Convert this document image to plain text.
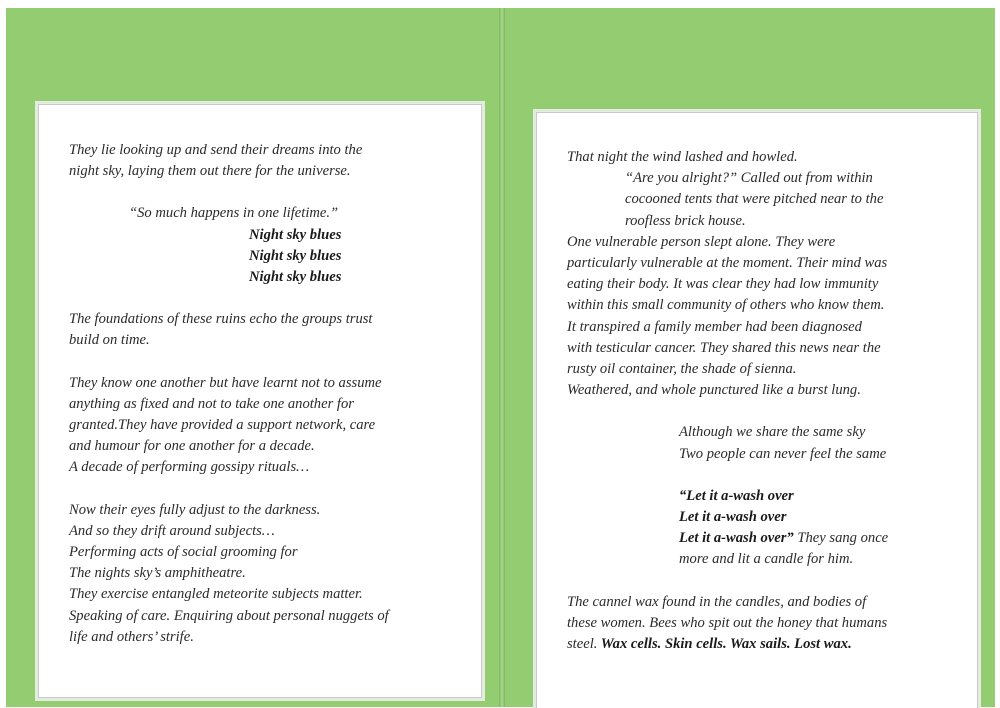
They lie looking up and send their dreams into the

night sky, laying them out there for the universe.

“So much happens in one lifetime.”

Night sky blues

Night sky blues

Night sky blues

The foundations of these ruins echo the groups trust

build on time.

They know one another but have learnt not to assume

anything as fixed and not to take one another for

granted.They have provided a support network, care

and humour for one another for a decade.

A decade of performing gossipy rituals…

Now their eyes fully adjust to the darkness.

And so they drift around subjects…

Performing acts of social grooming for

The nights sky’s amphitheatre.

They exercise entangled meteorite subjects matter.

Speaking of care. Enquiring about personal nuggets of

life and others’ strife.

That night the wind lashed and howled.

“Are you alright?” Called out from within

cocooned tents that were pitched near to the

roofless brick house.

One vulnerable person slept alone. They were

particularly vulnerable at the moment. Their mind was

eating their body. It was clear they had low immunity

within this small community of others who know them.

It transpired a family member had been diagnosed

with testicular cancer. They shared this news near the

rusty oil container, the shade of sienna.

Weathered, and whole punctured like a burst lung.

Although we share the same sky

Two people can never feel the same

“Let it a-wash over

Let it a-wash over

Let it a-wash over” They sang once

more and lit a candle for him.

The cannel wax found in the candles, and bodies of

these women. Bees who spit out the honey that humans

steel. Wax cells. Skin cells. Wax sails. Lost wax.
